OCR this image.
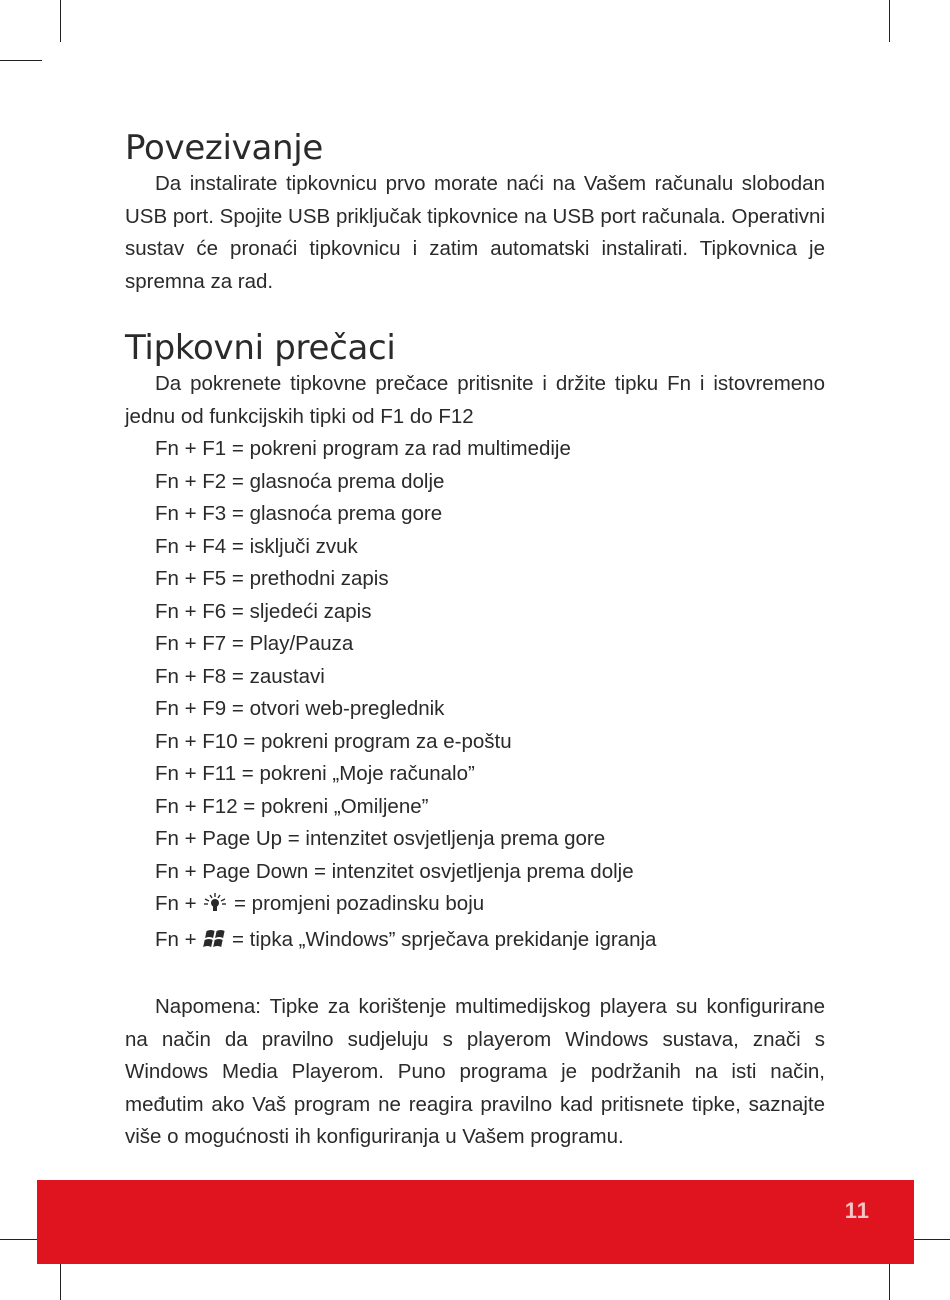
Povezivanje

Da instalirate tipkovnicu prvo morate naći na Vašem računalu slobodan USB port. Spojite USB priključak tipkovnice na USB port računala. Operativni sustav će pronaći tipkovnicu i zatim automatski instalirati. Tipkovnica je spremna za rad.

Tipkovni prečaci

Da pokrenete tipkovne prečace pritisnite i držite tipku Fn i istovremeno jednu od funkcijskih tipki od F1 do F12

Fn + F1 = pokreni program za rad multimedije
Fn + F2 = glasnoća prema dolje
Fn + F3 = glasnoća prema gore
Fn + F4 = isključi zvuk
Fn + F5 = prethodni zapis
Fn + F6 = sljedeći zapis
Fn + F7 = Play/Pauza
Fn + F8 = zaustavi
Fn + F9 = otvori web-preglednik
Fn + F10 = pokreni program za e-poštu
Fn + F11 = pokreni „Moje računalo”
Fn + F12 = pokreni „Omiljene”
Fn + Page Up = intenzitet osvjetljenja prema gore
Fn + Page Down = intenzitet osvjetljenja prema dolje
Fn + = promjeni pozadinsku boju
Fn + = tipka „Windows” sprječava prekidanje igranja

Napomena: Tipke za korištenje multimedijskog playera su konfigurirane na način da pravilno sudjeluju s playerom Windows sustava, znači s Windows Media Playerom. Puno programa je podržanih na isti način, međutim ako Vaš program ne reagira pravilno kad pritisnete tipke, saznajte više o mogućnosti ih konfiguriranja u Vašem programu.

11
